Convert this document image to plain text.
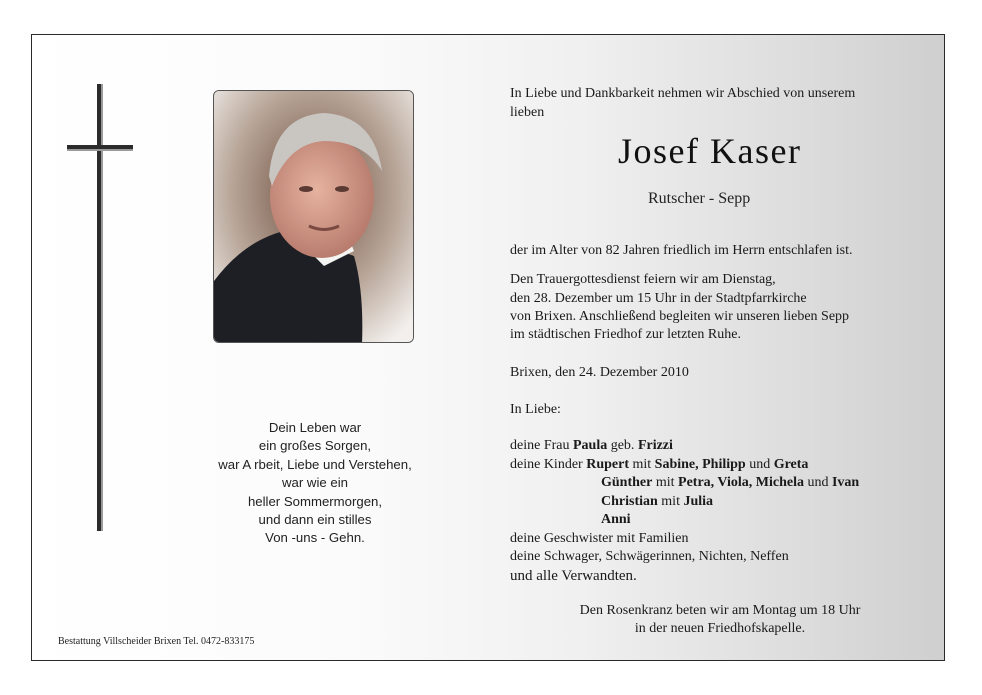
Dein Leben war
ein großes Sorgen,
war A rbeit, Liebe und Verstehen,
war wie ein
heller Sommermorgen,
und dann ein stilles
Von -uns - Gehn.
Bestattung Villscheider Brixen Tel. 0472-833175
In Liebe und Dankbarkeit nehmen wir Abschied von unserem
lieben
Josef Kaser
Rutscher - Sepp
der im Alter von 82 Jahren friedlich im Herrn entschlafen ist.
Den Trauergottesdienst feiern wir am Dienstag,
den 28. Dezember um 15 Uhr in der Stadtpfarrkirche
von Brixen. Anschließend begleiten wir unseren lieben Sepp
im städtischen Friedhof zur letzten Ruhe.
Brixen, den 24. Dezember 2010
In Liebe:
deine Frau Paula geb. Frizzi
deine Kinder Rupert mit Sabine, Philipp und Greta
Günther mit Petra, Viola, Michela und Ivan
Christian mit Julia
Anni
deine Geschwister mit Familien
deine Schwager, Schwägerinnen, Nichten, Neffen
und alle Verwandten.
Den Rosenkranz beten wir am Montag um 18 Uhr
in der neuen Friedhofskapelle.
